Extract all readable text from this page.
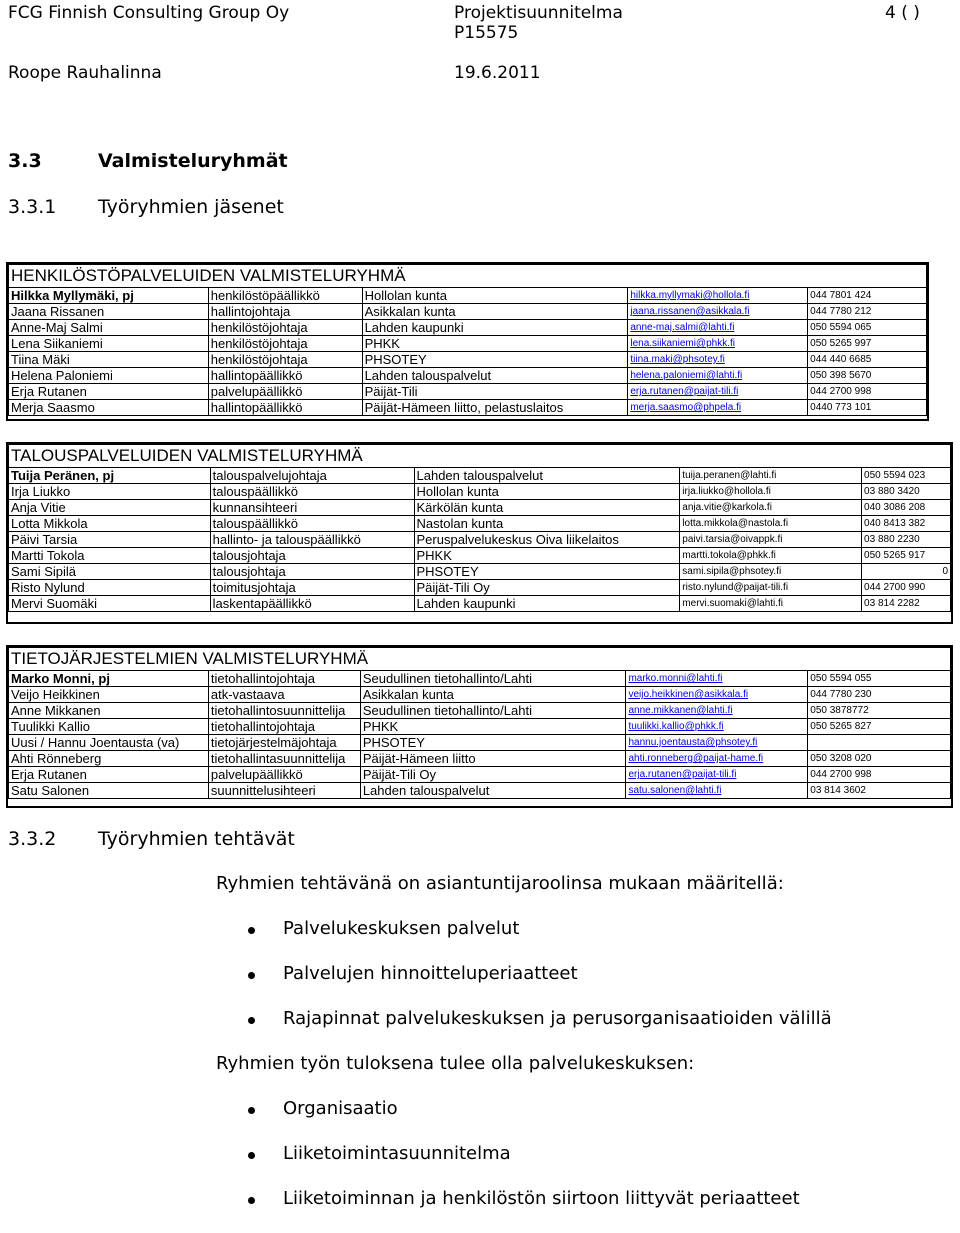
FCG Finnish Consulting Group Oy	Projektisuunnitelma
P15575
4 ( )
Roope Rauhalinna	19.6.2011
3.3	Valmisteluryhmät
3.3.1 Työryhmien jäsenet
HENKILÖSTÖPALVELUIDEN VALMISTELURYHMÄ				
Hilkka Myllymäki, pj	henkilöstöpäällikkö	Hollolan kunta	hilkka.myllymaki@hollola.fi	044 7801 424
Jaana Rissanen	hallintojohtaja	Asikkalan kunta	jaana.rissanen@asikkala.fi	044 7780 212
Anne-Maj Salmi	henkilöstöjohtaja	Lahden kaupunki	anne-maj.salmi@lahti.fi	050 5594 065
Lena Siikaniemi	henkilöstöjohtaja	PHKK	lena.siikaniemi@phkk.fi	050 5265 997
Tiina Mäki	henkilöstöjohtaja	PHSOTEY	tiina.maki@phsotey.fi	044 440 6685
Helena Paloniemi	hallintopäällikkö	Lahden talouspalvelut	helena.paloniemi@lahti.fi	050 398 5670
Erja Rutanen	palvelupäällikkö	Päijät-Tili	erja.rutanen@paijat-tili.fi	044 2700 998
Merja Saasmo	hallintopäällikkö	Päijät-Hämeen liitto, pelastuslaitos	merja.saasmo@phpela.fi	0440 773 101
TALOUSPALVELUIDEN VALMISTELURYHMÄ				
Tuija Peränen, pj	talouspalvelujohtaja	Lahden talouspalvelut	tuija.peranen@lahti.fi	050 5594 023
Irja Liukko	talouspäällikkö	Hollolan kunta	irja.liukko@hollola.fi	03 880 3420
Anja Vitie	kunnansihteeri	Kärkölän kunta	anja.vitie@karkola.fi	040 3086 208
Lotta Mikkola	talouspäällikkö	Nastolan kunta	lotta.mikkola@nastola.fi	040 8413 382
Päivi Tarsia	hallinto- ja talouspäällikkö	Peruspalvelukeskus Oiva liikelaitos	paivi.tarsia@oivappk.fi	03 880 2230
Martti Tokola	talousjohtaja	PHKK	martti.tokola@phkk.fi	050 5265 917
Sami Sipilä	talousjohtaja	PHSOTEY	sami.sipila@phsotey.fi	0
Risto Nylund	toimitusjohtaja	Päijät-Tili Oy	risto.nylund@paijat-tili.fi	044 2700 990
Mervi Suomäki	laskentapäällikkö	Lahden kaupunki	mervi.suomaki@lahti.fi	03 814 2282
TIETOJÄRJESTELMIEN VALMISTELURYHMÄ				
Marko Monni, pj	tietohallintojohtaja	Seudullinen tietohallinto/Lahti	marko.monni@lahti.fi	050 5594 055
Veijo Heikkinen	atk-vastaava	Asikkalan kunta	veijo.heikkinen@asikkala.fi	044 7780 230
Anne Mikkanen	tietohallintosuunnittelija	Seudullinen tietohallinto/Lahti	anne.mikkanen@lahti.fi	050 3878772
Tuulikki Kallio	tietohallintojohtaja	PHKK	tuulikki.kallio@phkk.fi	050 5265 827
Uusi / Hannu Joentausta (va)	tietojärjestelmäjohtaja	PHSOTEY	hannu.joentausta@phsotey.fi	
Ahti Rönneberg	tietohallintasuunnittelija	Päijät-Hämeen liitto	ahti.ronneberg@paijat-hame.fi	050 3208 020
Erja Rutanen	palvelupäällikkö	Päijät-Tili Oy	erja.rutanen@paijat-tili.fi	044 2700 998
Satu Salonen	suunnittelusihteeri	Lahden talouspalvelut	satu.salonen@lahti.fi	03 814 3602
3.3.2 Työryhmien tehtävät
Ryhmien tehtävänä on asiantuntijaroolinsa mukaan määritellä:
Palvelukeskuksen palvelut
Palvelujen hinnoitteluperiaatteet
Rajapinnat palvelukeskuksen ja perusorganisaatioiden välillä
Ryhmien työn tuloksena tulee olla palvelukeskuksen:
Organisaatio
Liiketoimintasuunnitelma
Liiketoiminnan ja henkilöstön siirtoon liittyvät periaatteet
